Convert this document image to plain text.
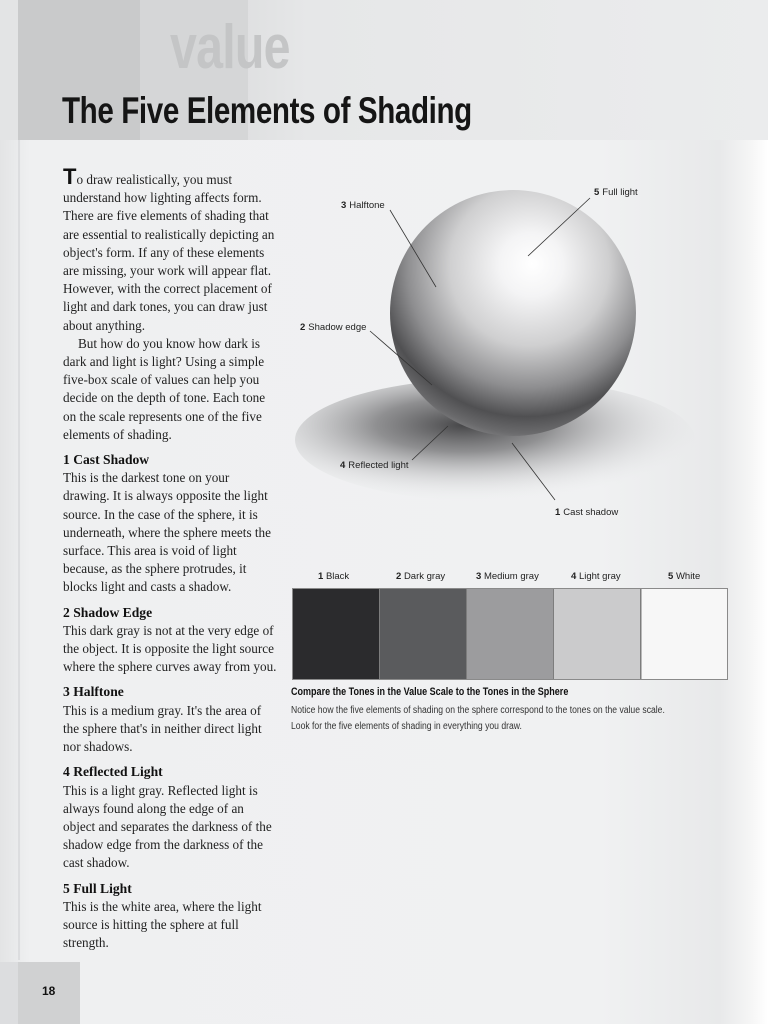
value
The Five Elements of Shading

To draw realistically, you must understand how lighting affects form. There are five elements of shading that are essential to realistically depicting an object's form. If any of these elements are missing, your work will appear flat. However, with the correct placement of light and dark tones, you can draw just about anything.

But how do you know how dark is dark and light is light? Using a simple five-box scale of values can help you decide on the depth of tone. Each tone on the scale represents one of the five elements of shading.

1 Cast Shadow

This is the darkest tone on your drawing. It is always opposite the light source. In the case of the sphere, it is underneath, where the sphere meets the surface. This area is void of light because, as the sphere protrudes, it blocks light and casts a shadow.

2 Shadow Edge

This dark gray is not at the very edge of the object. It is opposite the light source where the sphere curves away from you.

3 Halftone

This is a medium gray. It's the area of the sphere that's in neither direct light nor shadows.

4 Reflected Light

This is a light gray. Reflected light is always found along the edge of an object and separates the darkness of the shadow edge from the darkness of the cast shadow.

5 Full Light

This is the white area, where the light source is hitting the sphere at full strength.

3 Halftone
5 Full light
2 Shadow edge
4 Reflected light
1 Cast shadow
1 Black	2 Dark gray	3 Medium gray	4 Light gray	5 White
Compare the Tones in the Value Scale to the Tones in the Sphere

Notice how the five elements of shading on the sphere correspond to the tones on the value scale.

Look for the five elements of shading in everything you draw.

18
